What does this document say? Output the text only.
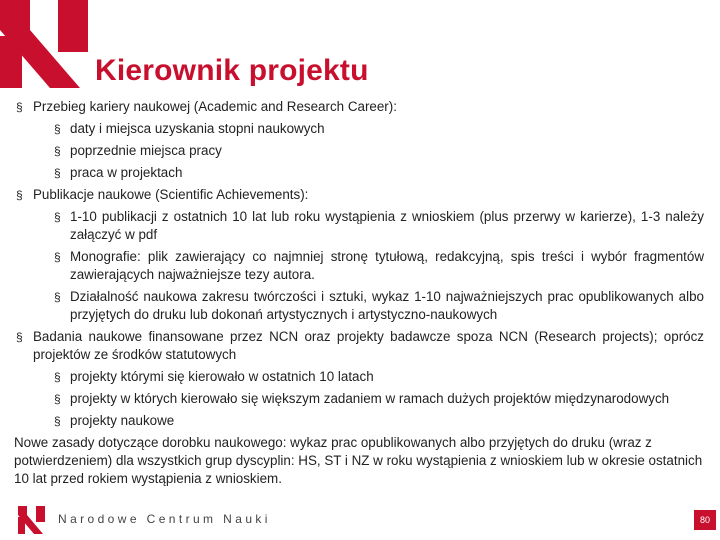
Kierownik projektu
§ Przebieg kariery naukowej (Academic and Research Career):
§ daty i miejsca uzyskania stopni naukowych
§ poprzednie miejsca pracy
§ praca w projektach
§ Publikacje naukowe (Scientific Achievements):
§ 1-10 publikacji z ostatnich 10 lat lub roku wystąpienia z wnioskiem (plus przerwy w karierze), 1-3 należy załączyć w pdf
§ Monografie: plik zawierający co najmniej stronę tytułową, redakcyjną, spis treści i wybór fragmentów zawierających najważniejsze tezy autora.
§ Działalność naukowa zakresu twórczości i sztuki, wykaz 1-10 najważniejszych prac opublikowanych albo przyjętych do druku lub dokonań artystycznych i artystyczno-naukowych
§ Badania naukowe finansowane przez NCN oraz projekty badawcze spoza NCN (Research projects); oprócz projektów ze środków statutowych
§ projekty którymi się kierowało w ostatnich 10 latach
§ projekty w których kierowało się większym zadaniem w ramach dużych projektów międzynarodowych
§ projekty naukowe
Nowe zasady dotyczące dorobku naukowego: wykaz prac opublikowanych albo przyjętych do druku (wraz z potwierdzeniem) dla wszystkich grup dyscyplin: HS, ST i NZ w roku wystąpienia z wnioskiem lub w okresie ostatnich 10 lat przed rokiem wystąpienia z wnioskiem.
Narodowe Centrum Nauki	80
